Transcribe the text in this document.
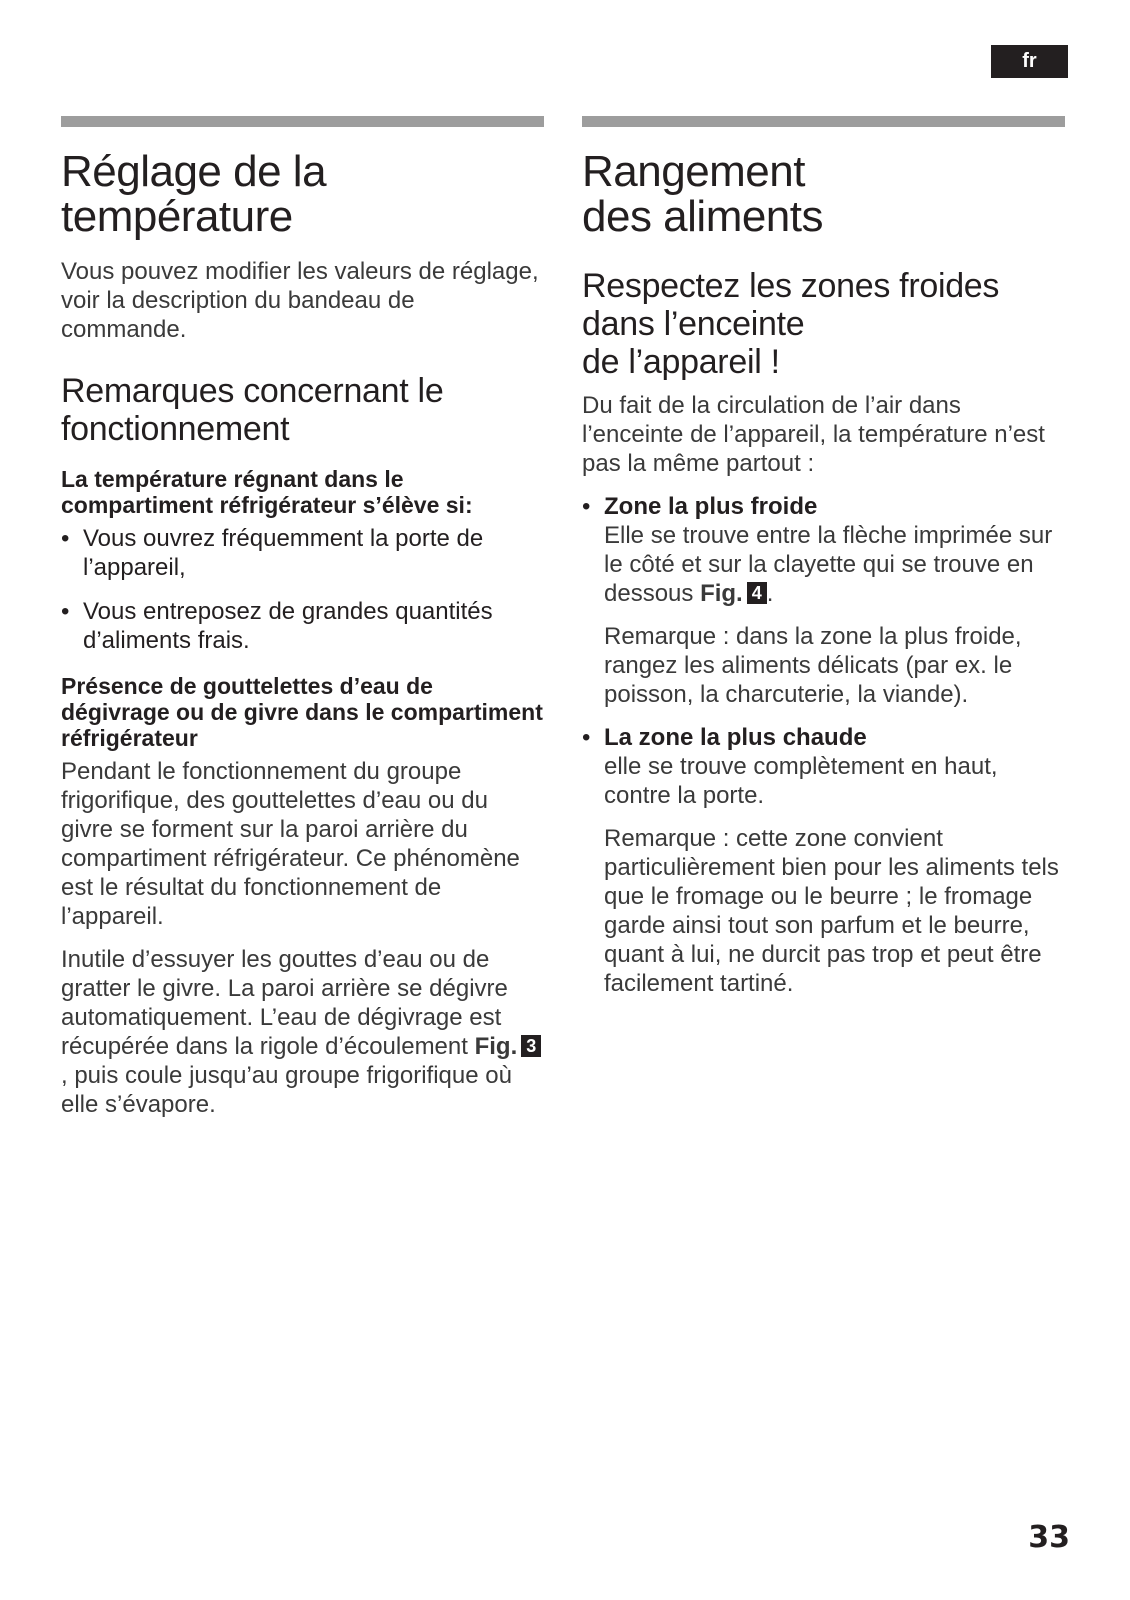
fr
Réglage de la
température

Vous pouvez modifier les valeurs de réglage, voir la description du bandeau de commande.

Remarques concernant le
fonctionnement
La température régnant dans le compartiment réfrigérateur s’élève si:
• Vous ouvrez fréquemment la porte de l’appareil,
• Vous entreposez de grandes quantités d’aliments frais.
Présence de gouttelettes d’eau de dégivrage ou de givre dans le compartiment réfrigérateur

Pendant le fonctionnement du groupe frigorifique, des gouttelettes d’eau ou du givre se forment sur la paroi arrière du compartiment réfrigérateur. Ce phénomène est le résultat du fonctionnement de l’appareil.

Inutile d’essuyer les gouttes d’eau ou de gratter le givre. La paroi arrière se dégivre automatiquement. L’eau de dégivrage est récupérée dans la rigole d’écoulement Fig. 3, puis coule jusqu’au groupe frigorifique où elle s’évapore.

Rangement
des aliments
Respectez les zones froides
dans l’enceinte
de l’appareil !

Du fait de la circulation de l’air dans l’enceinte de l’appareil, la température n’est pas la même partout :

• Zone la plus froide

Elle se trouve entre la flèche imprimée sur le côté et sur la clayette qui se trouve en dessous Fig. 4 .

Remarque : dans la zone la plus froide, rangez les aliments délicats (par ex. le poisson, la charcuterie, la viande).

• La zone la plus chaude

elle se trouve complètement en haut, contre la porte.

Remarque : cette zone convient particulièrement bien pour les aliments tels que le fromage ou le beurre ; le fromage garde ainsi tout son parfum et le beurre, quant à lui, ne durcit pas trop et peut être facilement tartiné.

33
